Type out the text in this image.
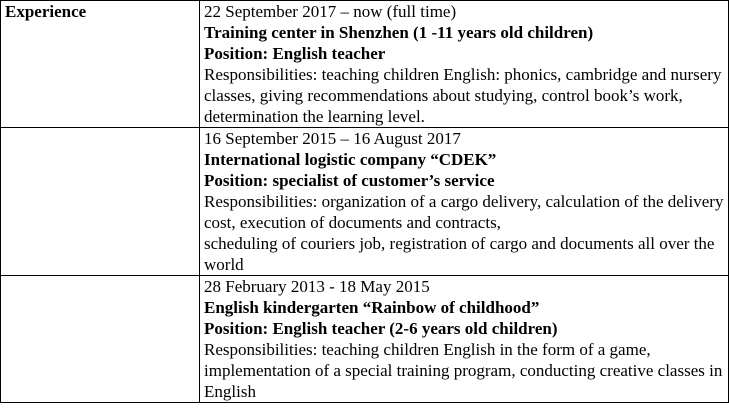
Experience	22 September 2017 – now (full time)
Training center in Shenzhen (1 -11 years old children)
Position: English teacher
Responsibilities: teaching children English: phonics, cambridge and nursery classes, giving recommendations about studying, control book’s work, determination the learning level.

	16 September 2015 – 16 August 2017
International logistic company “CDEK”
Position: specialist of customer’s service
Responsibilities: organization of a cargo delivery, calculation of the delivery cost, execution of documents and contracts,
scheduling of couriers job, registration of cargo and documents all over the world

	28 February 2013 - 18 May 2015
English kindergarten “Rainbow of childhood”
Position: English teacher (2-6 years old children)
Responsibilities: teaching children English in the form of a game, implementation of a special training program, conducting creative classes in English
